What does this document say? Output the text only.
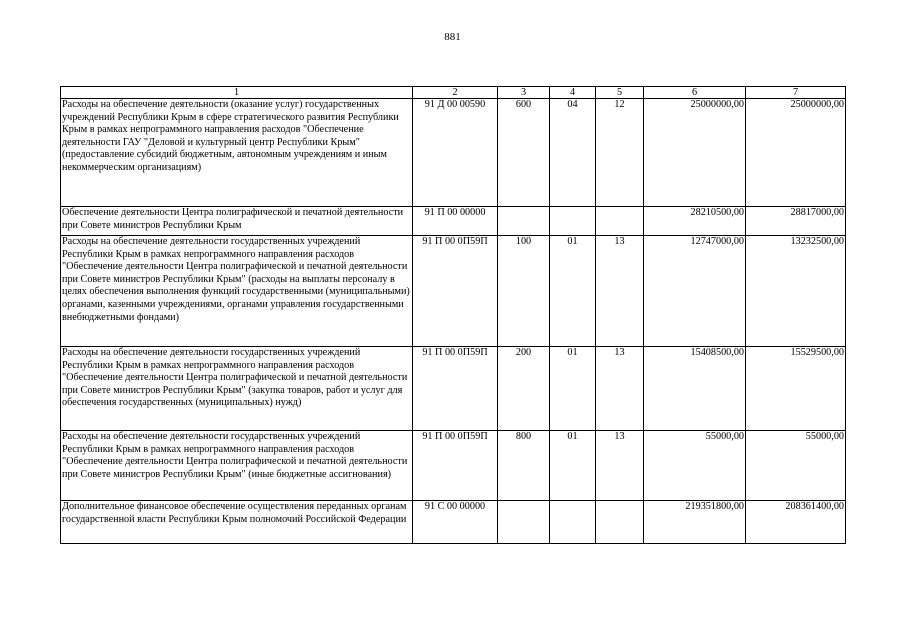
881
1	2	3	4	5	6	7
Расходы на обеспечение деятельности (оказание услуг) государственных учреждений Республики Крым в сфере стратегического развития Республики Крым в рамках непрограммного направления расходов "Обеспечение деятельности ГАУ "Деловой и культурный центр Республики Крым" (предоставление субсидий бюджетным, автономным учреждениям и иным некоммерческим организациям)	91 Д 00 00590	600	04	12	25000000,00	25000000,00
Обеспечение деятельности Центра полиграфической и печатной деятельности при Совете министров Республики Крым	91 П 00 00000				28210500,00	28817000,00
Расходы на обеспечение деятельности государственных учреждений Республики Крым в рамках непрограммного направления расходов "Обеспечение деятельности Центра полиграфической и печатной деятельности при Совете министров Республики Крым" (расходы на выплаты персоналу в целях обеспечения выполнения функций государственными (муниципальными) органами, казенными учреждениями, органами управления государственными внебюджетными фондами)	91 П 00 0П59П	100	01	13	12747000,00	13232500,00
Расходы на обеспечение деятельности государственных учреждений Республики Крым в рамках непрограммного направления расходов "Обеспечение деятельности Центра полиграфической и печатной деятельности при Совете министров Республики Крым" (закупка товаров, работ и услуг для обеспечения государственных (муниципальных) нужд)	91 П 00 0П59П	200	01	13	15408500,00	15529500,00
Расходы на обеспечение деятельности государственных учреждений Республики Крым в рамках непрограммного направления расходов "Обеспечение деятельности Центра полиграфической и печатной деятельности при Совете министров Республики Крым" (иные бюджетные ассигнования)	91 П 00 0П59П	800	01	13	55000,00	55000,00
Дополнительное финансовое обеспечение осуществления переданных органам государственной власти Республики Крым полномочий Российской Федерации	91 С 00 00000				219351800,00	208361400,00
